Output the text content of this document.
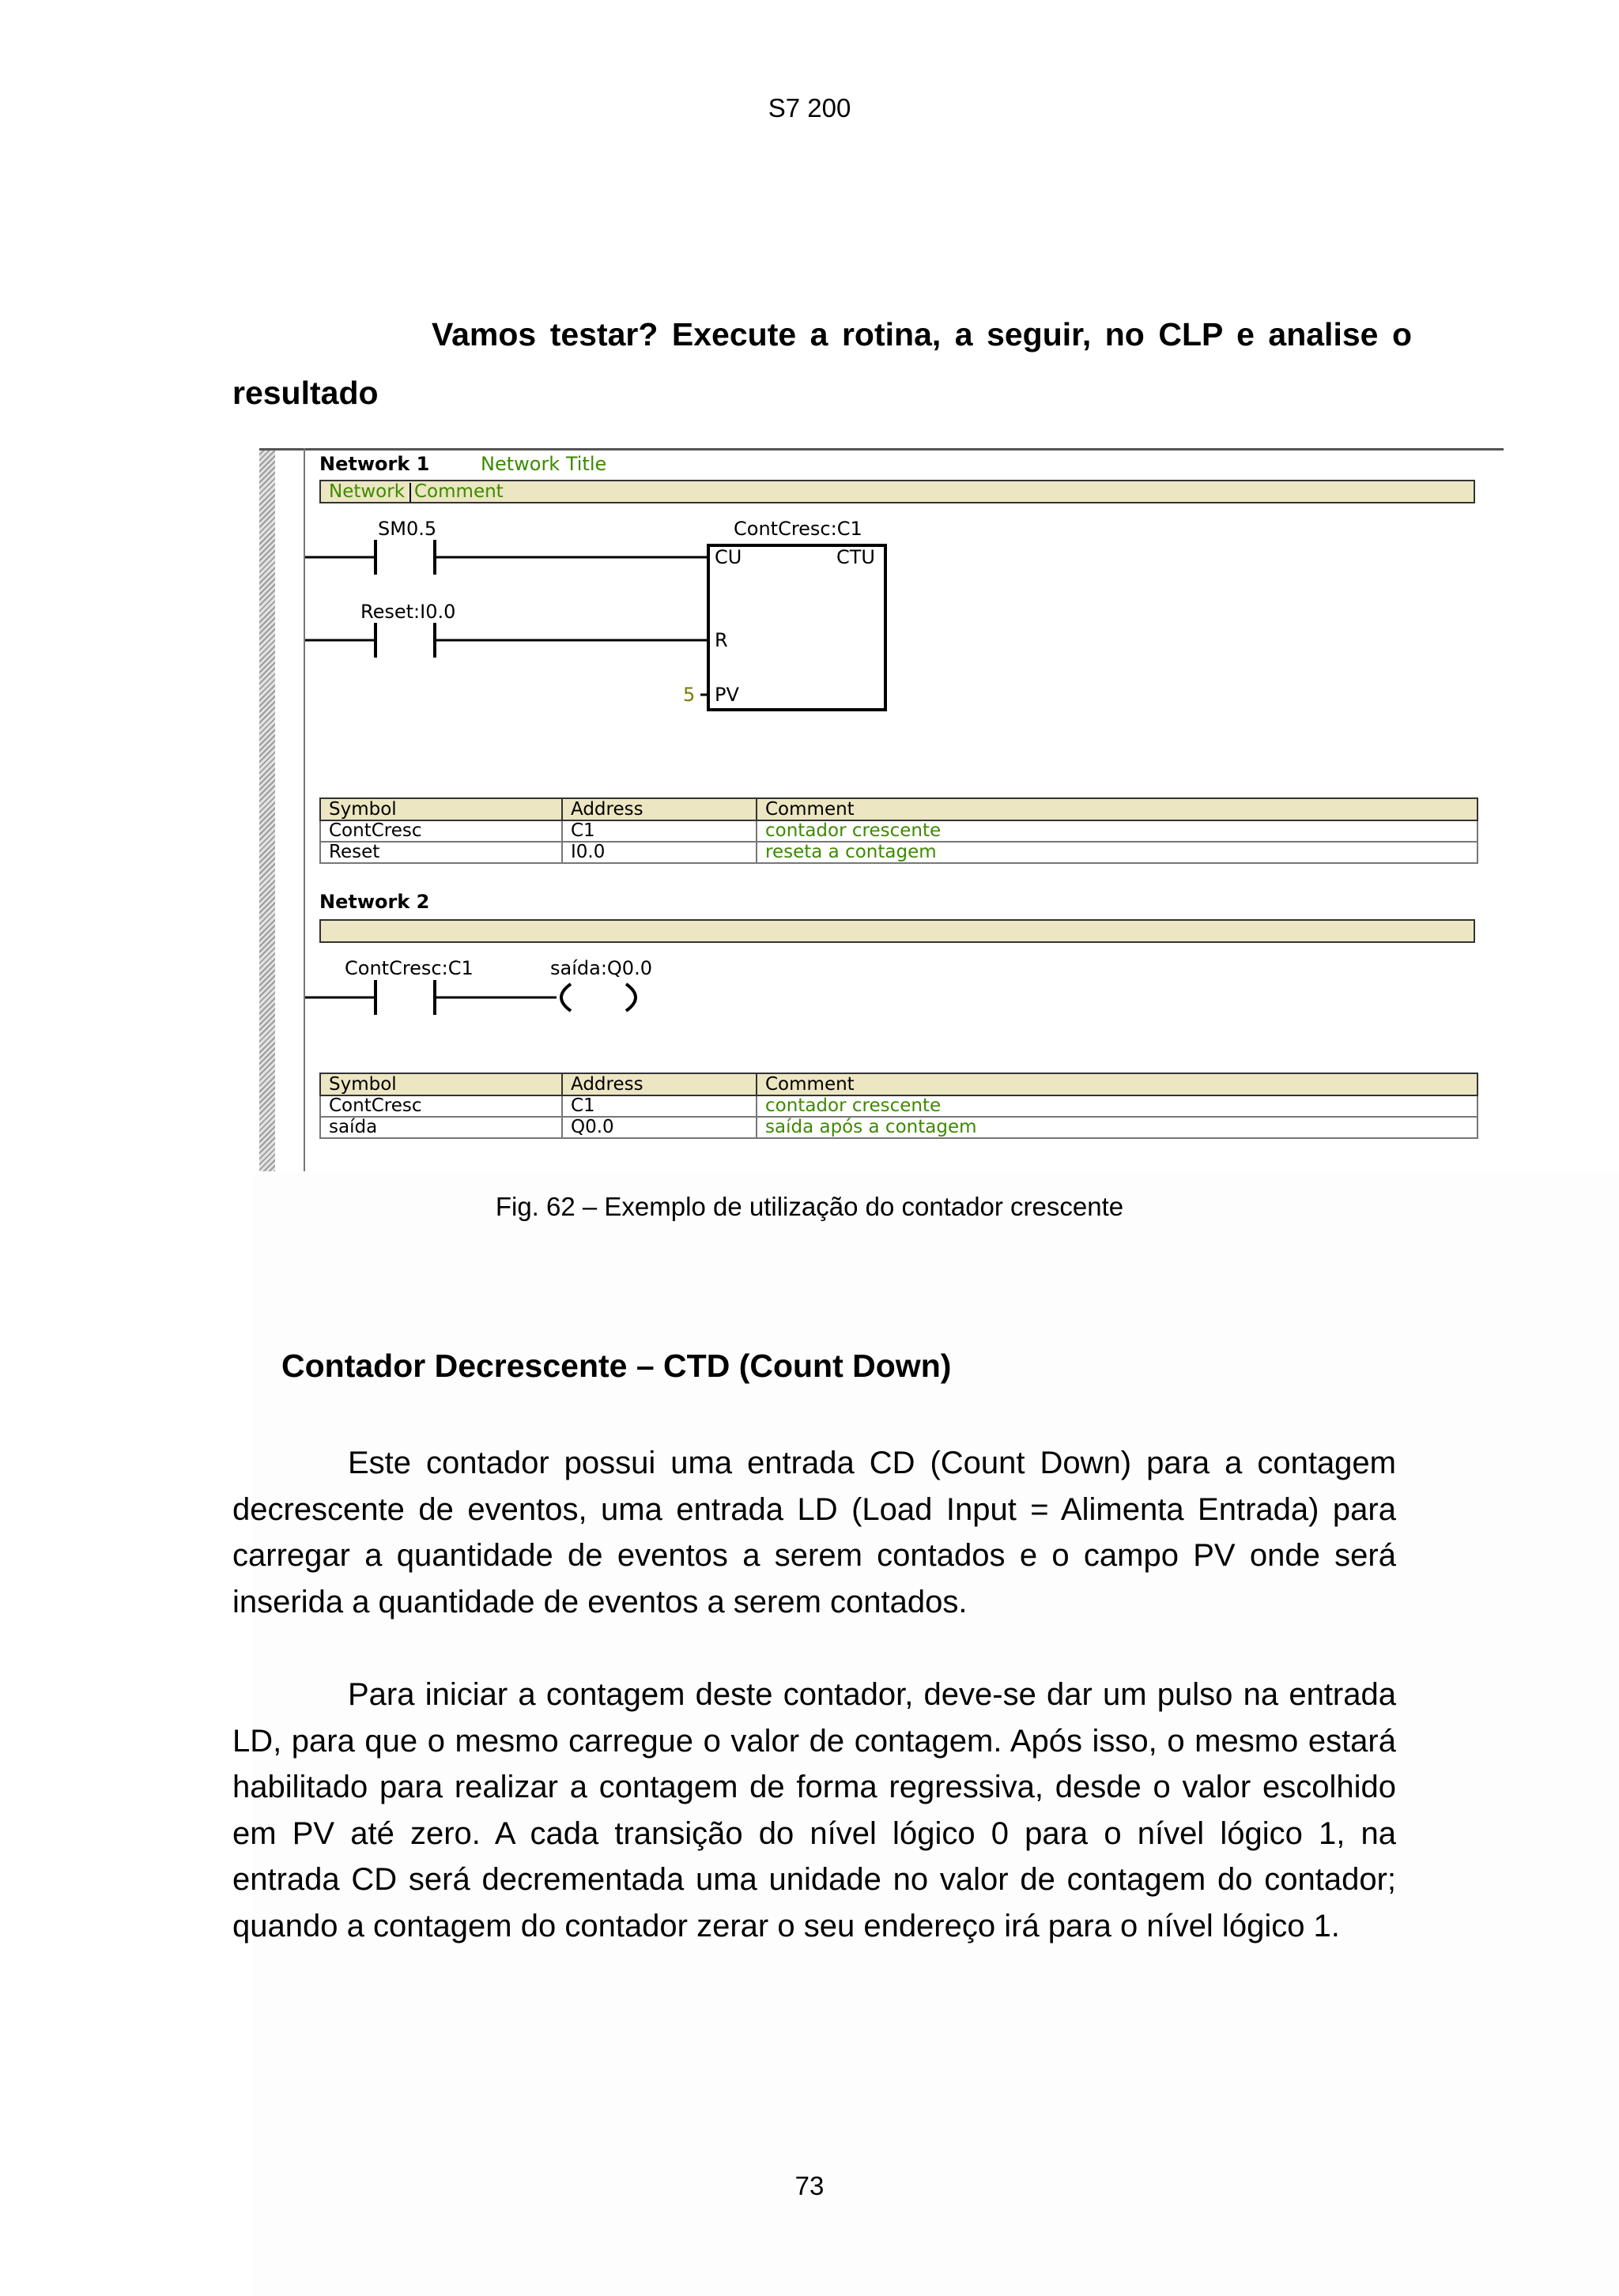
S7 200
Vamos testar? Execute a rotina, a seguir, no CLP e analise o
resultado
Network 1	Network Title
Network Comment
SM0.5
Reset:I0.0
ContCresc:C1
CU	CTU
R
PV
5
Symbol	Address	Comment
ContCresc	C1	contador crescente
Reset	I0.0	reseta a contagem
Network 2
ContCresc:C1	saída:Q0.0
Symbol	Address	Comment
ContCresc	C1	contador crescente
saída	Q0.0	saída após a contagem

Fig. 62 – Exemplo de utilização do contador crescente
Contador Decrescente – CTD (Count Down)

Este contador possui uma entrada CD (Count Down) para a contagem decrescente de eventos, uma entrada LD (Load Input = Alimenta Entrada) para carregar a quantidade de eventos a serem contados e o campo PV onde será inserida a quantidade de eventos a serem contados.

Para iniciar a contagem deste contador, deve-se dar um pulso na entrada LD, para que o mesmo carregue o valor de contagem. Após isso, o mesmo estará habilitado para realizar a contagem de forma regressiva, desde o valor escolhido em PV até zero. A cada transição do nível lógico 0 para o nível lógico 1, na entrada CD será decrementada uma unidade no valor de contagem do contador; quando a contagem do contador zerar o seu endereço irá para o nível lógico 1.

73
